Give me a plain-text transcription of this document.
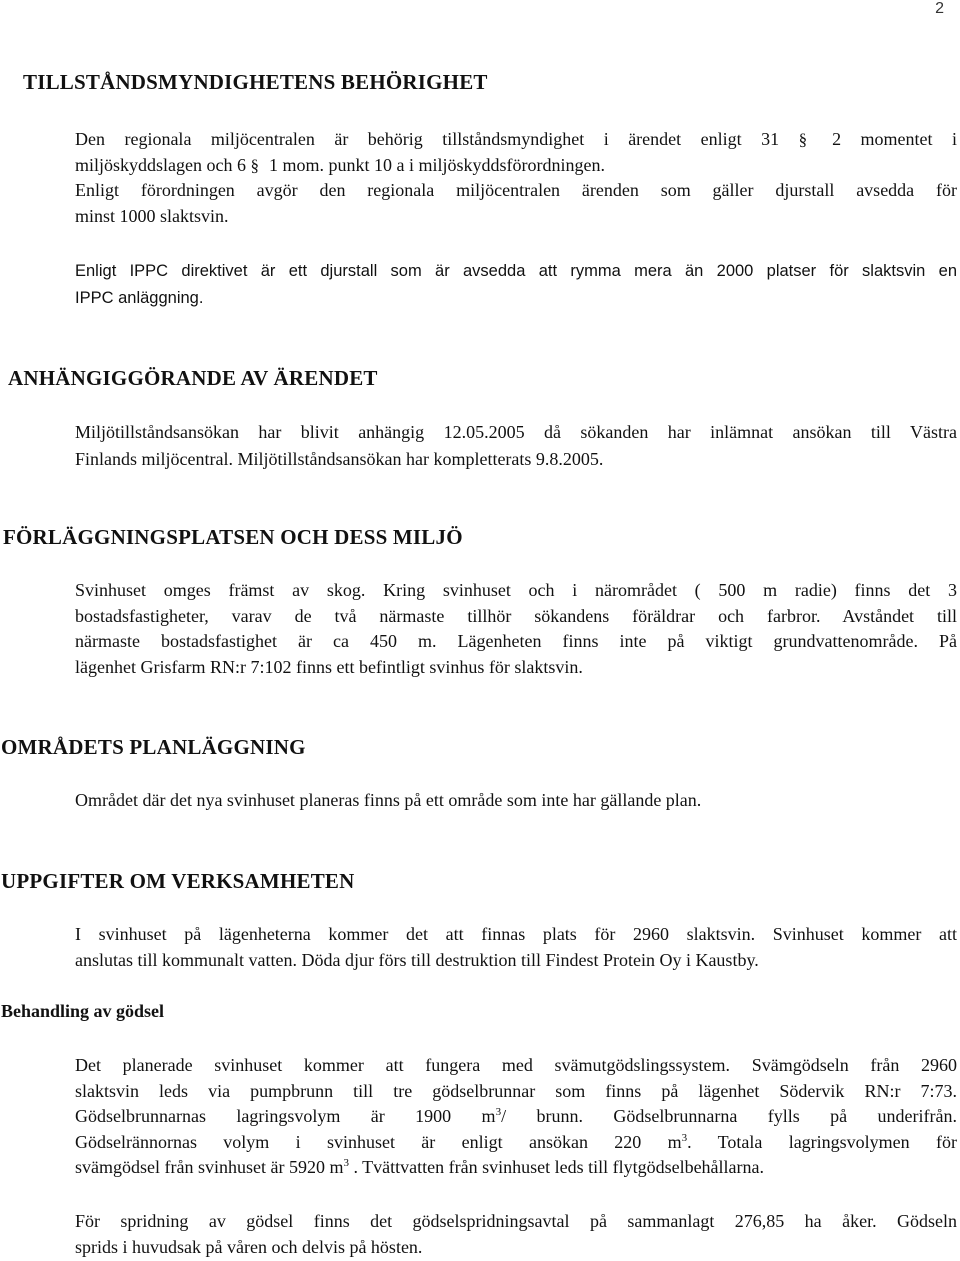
2
TILLSTÅNDSMYNDIGHETENS BEHÖRIGHET
Den regionala miljöcentralen är behörig tillståndsmyndighet i ärendet enligt 31 § 2 momentet i
miljöskyddslagen och 6 § 1 mom. punkt 10 a i miljöskyddsförordningen.
Enligt förordningen avgör den regionala miljöcentralen ärenden som gäller djurstall avsedda för
minst 1000 slaktsvin.
Enligt IPPC direktivet är ett djurstall som är avsedda att rymma mera än 2000 platser för slaktsvin en
IPPC anläggning.
ANHÄNGIGGÖRANDE AV ÄRENDET
Miljötillståndsansökan har blivit anhängig 12.05.2005 då sökanden har inlämnat ansökan till Västra
Finlands miljöcentral. Miljötillståndsansökan har kompletterats 9.8.2005.
FÖRLÄGGNINGSPLATSEN OCH DESS MILJÖ
Svinhuset omges främst av skog. Kring svinhuset och i närområdet ( 500 m radie) finns det 3
bostadsfastigheter, varav de två närmaste tillhör sökandens föräldrar och farbror. Avståndet till
närmaste bostadsfastighet är ca 450 m. Lägenheten finns inte på viktigt grundvattenområde. På
lägenhet Grisfarm RN:r 7:102 finns ett befintligt svinhus för slaktsvin.
OMRÅDETS PLANLÄGGNING
Området där det nya svinhuset planeras finns på ett område som inte har gällande plan.
UPPGIFTER OM VERKSAMHETEN
I svinhuset på lägenheterna kommer det att finnas plats för 2960 slaktsvin. Svinhuset kommer att
anslutas till kommunalt vatten. Döda djur förs till destruktion till Findest Protein Oy i Kaustby.
Behandling av gödsel
Det planerade svinhuset kommer att fungera med svämutgödslingssystem. Svämgödseln från 2960
slaktsvin leds via pumpbrunn till tre gödselbrunnar som finns på lägenhet Södervik RN:r 7:73.
Gödselbrunnarnas lagringsvolym är 1900 $m^3/$ brunn. Gödselbrunnarna fylls på underifrån.
Gödselrännornas volym i svinhuset är enligt ansökan 220 $m^3$. Totala lagringsvolymen för
svämgödsel från svinhuset är 5920 $m^3$ . Tvättvatten från svinhuset leds till flytgödselbehållarna.
För spridning av gödsel finns det gödselspridningsavtal på sammanlagt 276,85 ha åker. Gödseln
sprids i huvudsak på våren och delvis på hösten.
